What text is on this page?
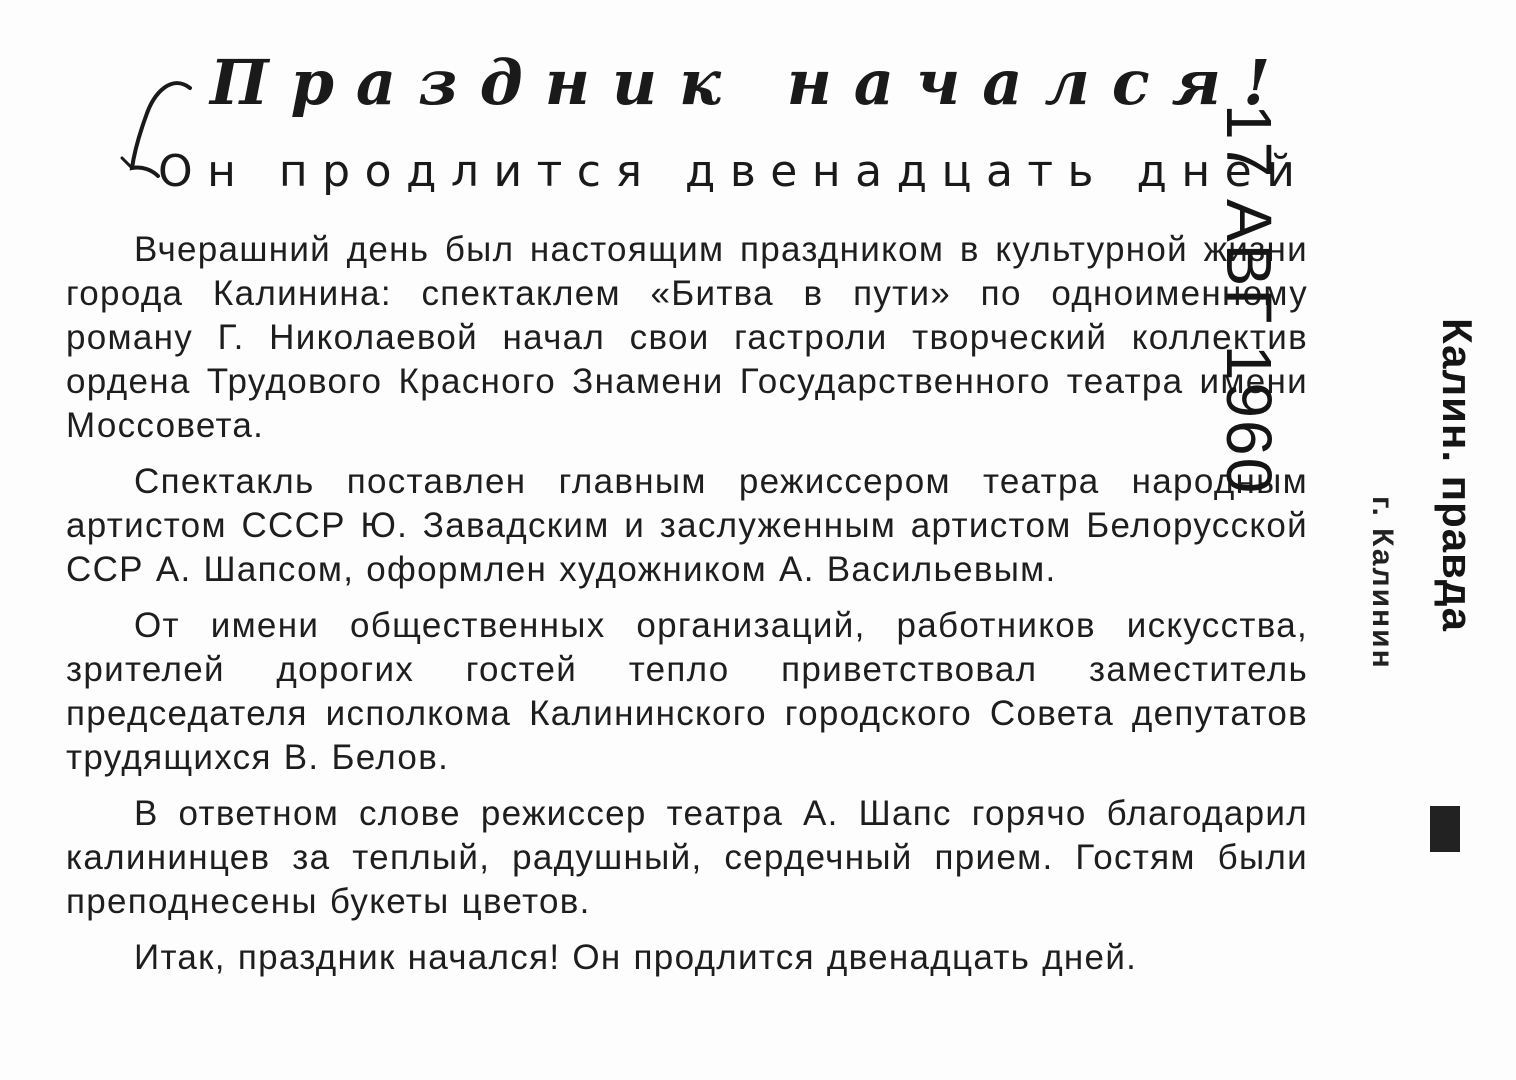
Праздник начался!
Он продлится двенадцать дней

Вчерашний день был настоящим праздником в культурной жизни города Калинина: спектаклем «Битва в пути» по одноименному роману Г. Николаевой начал свои гастроли творческий коллектив ордена Трудового Красного Знамени Государственного театра имени Моссовета.

Спектакль поставлен главным режиссером театра народным артистом СССР Ю. Завадским и заслуженным артистом Белорусской ССР А. Шапсом, оформлен художником А. Васильевым.

От имени общественных организаций, работников искусства, зрителей дорогих гостей тепло приветствовал заместитель председателя исполкома Калининского городского Совета депутатов трудящихся В. Белов.

В ответном слове режиссер театра А. Шапс горячо благодарил калининцев за теплый, радушный, сердечный прием. Гостям были преподнесены букеты цветов.

Итак, праздник начался! Он продлится двенадцать дней.

17 АВГ 1960	Калин. правда
г. Калинин
